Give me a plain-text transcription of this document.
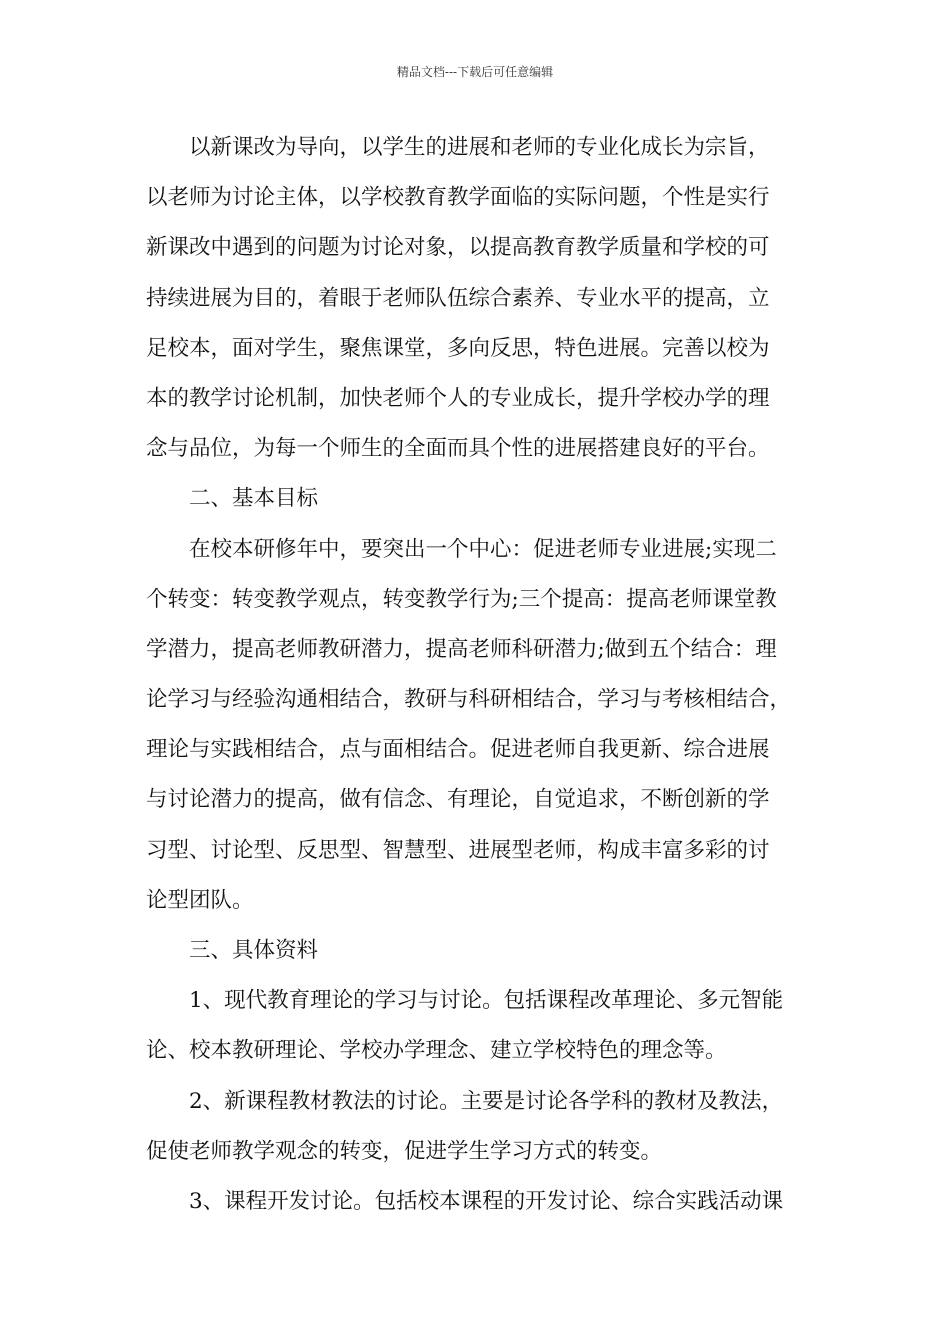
精品文档---下载后可任意编辑
以新课改为导向，以学生的进展和老师的专业化成长为宗旨，
以老师为讨论主体，以学校教育教学面临的实际问题，个性是实行
新课改中遇到的问题为讨论对象，以提高教育教学质量和学校的可
持续进展为目的，着眼于老师队伍综合素养、专业水平的提高，立
足校本，面对学生，聚焦课堂，多向反思，特色进展。完善以校为
本的教学讨论机制，加快老师个人的专业成长，提升学校办学的理
念与品位，为每一个师生的全面而具个性的进展搭建良好的平台。
二、基本目标
在校本研修年中，要突出一个中心：促进老师专业进展;实现二
个转变：转变教学观点，转变教学行为;三个提高：提高老师课堂教
学潜力，提高老师教研潜力，提高老师科研潜力;做到五个结合：理
论学习与经验沟通相结合，教研与科研相结合，学习与考核相结合，
理论与实践相结合，点与面相结合。促进老师自我更新、综合进展
与讨论潜力的提高，做有信念、有理论，自觉追求，不断创新的学
习型、讨论型、反思型、智慧型、进展型老师，构成丰富多彩的讨
论型团队。
三、具体资料
1、现代教育理论的学习与讨论。包括课程改革理论、多元智能
论、校本教研理论、学校办学理念、建立学校特色的理念等。
2、新课程教材教法的讨论。主要是讨论各学科的教材及教法，
促使老师教学观念的转变，促进学生学习方式的转变。
3、课程开发讨论。包括校本课程的开发讨论、综合实践活动课
